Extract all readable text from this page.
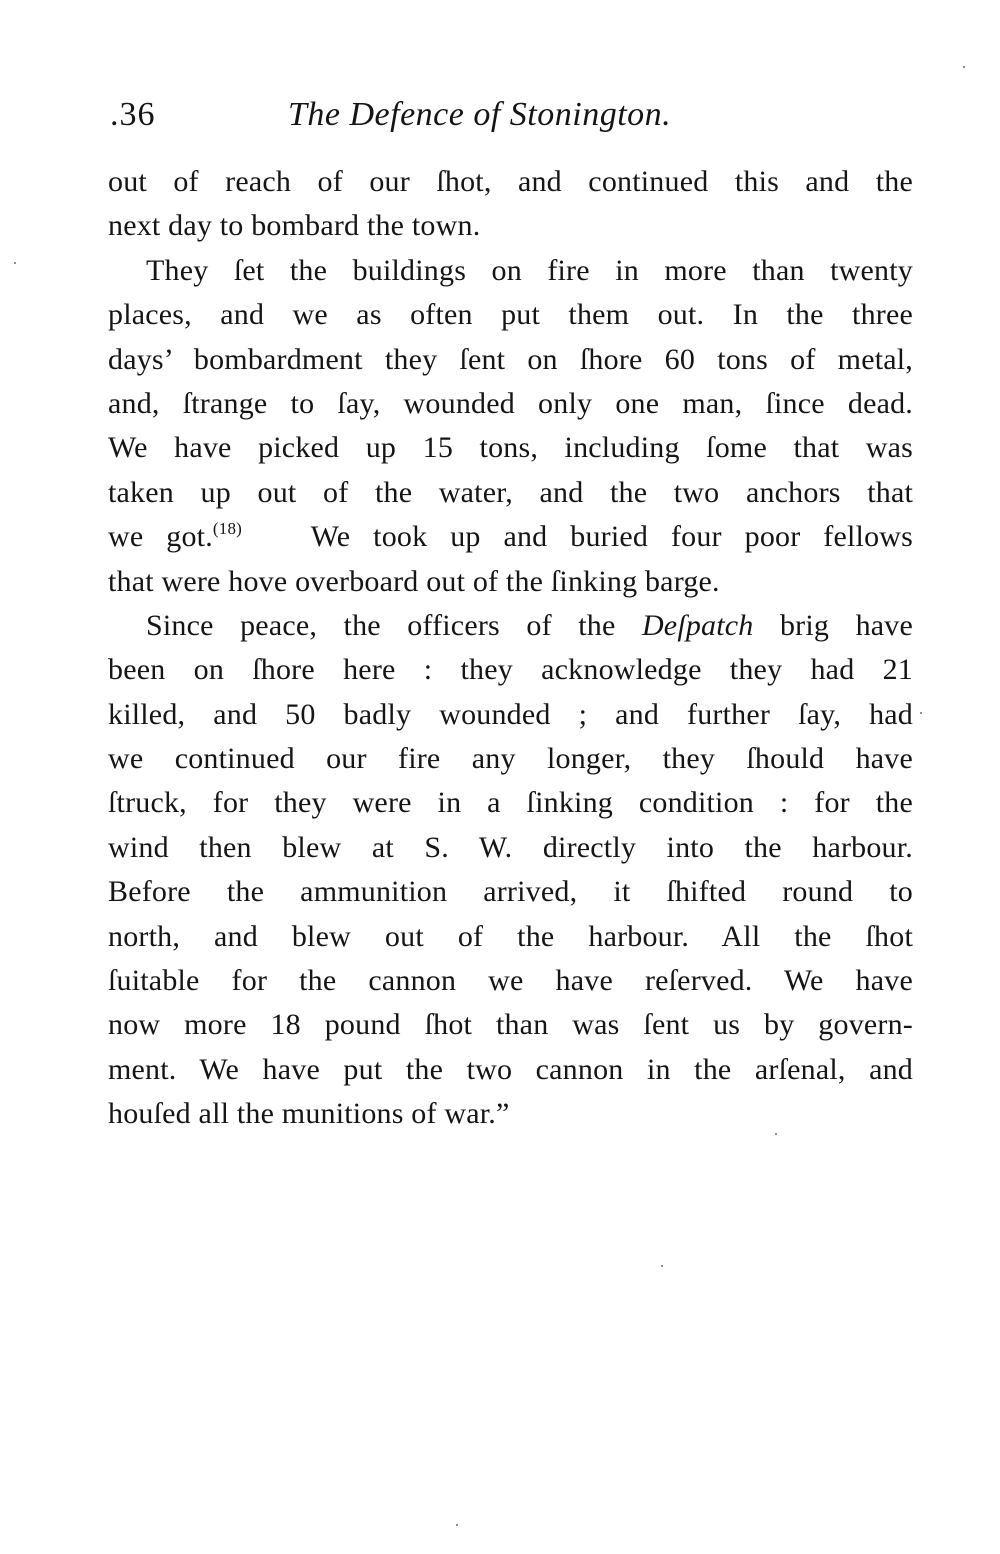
.36	The Defence of Stonington.
out of reach of our ſhot, and continued this and the
next day to bombard the town.
They ſet the buildings on fire in more than twenty
places, and we as often put them out. In the three
days’ bombardment they ſent on ſhore 60 tons of metal,
and, ſtrange to ſay, wounded only one man, ſince dead.
We have picked up 15 tons, including ſome that was
taken up out of the water, and the two anchors that
we got.$^{(18)}$ We took up and buried four poor fellows
that were hove overboard out of the ſinking barge.
Since peace, the officers of the Deſpatch brig have
been on ſhore here : they acknowledge they had 21
killed, and 50 badly wounded ; and further ſay, had
we continued our fire any longer, they ſhould have
ſtruck, for they were in a ſinking condition : for the
wind then blew at S. W. directly into the harbour.
Before the ammunition arrived, it ſhifted round to
north, and blew out of the harbour. All the ſhot
ſuitable for the cannon we have reſerved. We have
now more 18 pound ſhot than was ſent us by govern-
ment. We have put the two cannon in the arſenal, and
houſed all the munitions of war.”
